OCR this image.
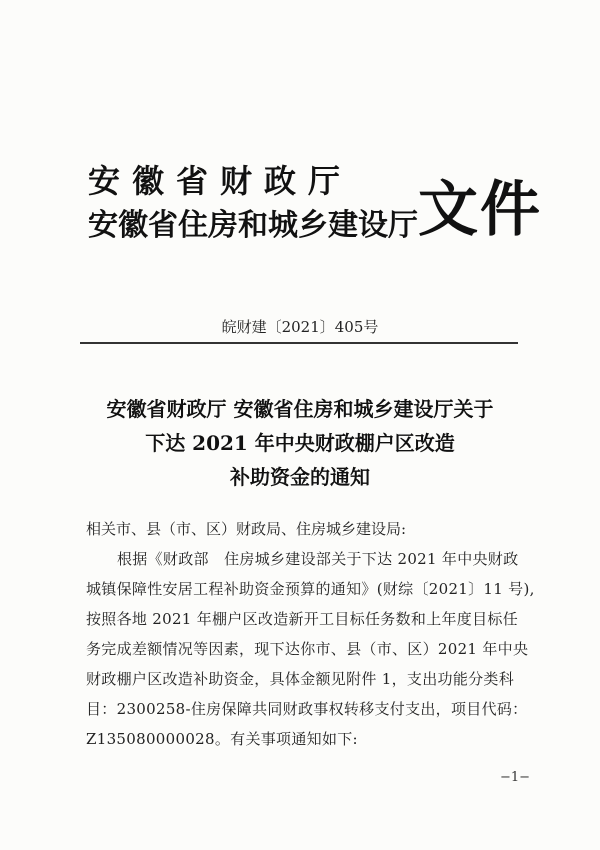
安徽省财政厅
安徽省住房和城乡建设厅 文件
皖财建〔2021〕405号
安徽省财政厅 安徽省住房和城乡建设厅关于
下达 2021 年中央财政棚户区改造
补助资金的通知
相关市、县（市、区）财政局、住房城乡建设局:
根据《财政部　住房城乡建设部关于下达 2021 年中央财政
城镇保障性安居工程补助资金预算的通知》(财综〔2021〕11 号),
按照各地 2021 年棚户区改造新开工目标任务数和上年度目标任
务完成差额情况等因素，现下达你市、县（市、区）2021 年中央
财政棚户区改造补助资金，具体金额见附件 1，支出功能分类科
目：2300258-住房保障共同财政事权转移支付支出，项目代码：
Z135080000028。有关事项通知如下:
−1−
